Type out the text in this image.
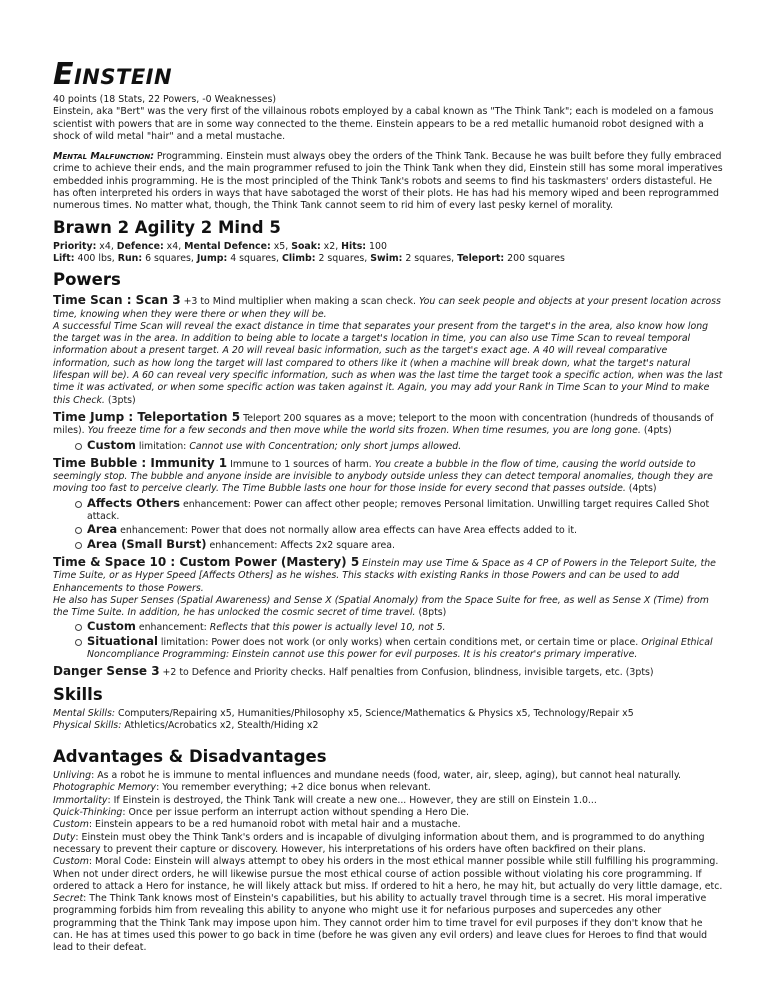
Einstein

40 points (18 Stats, 22 Powers, -0 Weaknesses)

Einstein, aka "Bert" was the very first of the villainous robots employed by a cabal known as "The Think Tank"; each is modeled on a famous scientist with powers that are in some way connected to the theme. Einstein appears to be a red metallic humanoid robot designed with a shock of wild metal "hair" and a metal mustache.

Mental Malfunction: Programming. Einstein must always obey the orders of the Think Tank. Because he was built before they fully embraced crime to achieve their ends, and the main programmer refused to join the Think Tank when they did, Einstein still has some moral imperatives embedded inhis programming. He is the most principled of the Think Tank's robots and seems to find his taskmasters' orders distasteful. He has often interpreted his orders in ways that have sabotaged the worst of their plots. He has had his memory wiped and been reprogrammed numerous times. No matter what, though, the Think Tank cannot seem to rid him of every last pesky kernel of morality.

Brawn 2 Agility 2 Mind 5

Priority: x4, Defence: x4, Mental Defence: x5, Soak: x2, Hits: 100

Lift: 400 lbs, Run: 6 squares, Jump: 4 squares, Climb: 2 squares, Swim: 2 squares, Teleport: 200 squares

Powers

Time Scan : Scan 3 +3 to Mind multiplier when making a scan check. You can seek people and objects at your present location across time, knowing when they were there or when they will be.

A successful Time Scan will reveal the exact distance in time that separates your present from the target's in the area, also know how long the target was in the area. In addition to being able to locate a target's location in time, you can also use Time Scan to reveal temporal information about a present target. A 20 will reveal basic information, such as the target's exact age. A 40 will reveal comparative information, such as how long the target will last compared to others like it (when a machine will break down, what the target's natural lifespan will be). A 60 can reveal very specific information, such as when was the last time the target took a specific action, when was the last time it was activated, or when some specific action was taken against it. Again, you may add your Rank in Time Scan to your Mind to make this Check. (3pts)

Time Jump : Teleportation 5 Teleport 200 squares as a move; teleport to the moon with concentration (hundreds of thousands of miles). You freeze time for a few seconds and then move while the world sits frozen. When time resumes, you are long gone. (4pts)

Custom limitation: Cannot use with Concentration; only short jumps allowed.

Time Bubble : Immunity 1 Immune to 1 sources of harm. You create a bubble in the flow of time, causing the world outside to seemingly stop. The bubble and anyone inside are invisible to anybody outside unless they can detect temporal anomalies, though they are moving too fast to perceive clearly. The Time Bubble lasts one hour for those inside for every second that passes outside. (4pts)

Affects Others enhancement: Power can affect other people; removes Personal limitation. Unwilling target requires Called Shot attack.
Area enhancement: Power that does not normally allow area effects can have Area effects added to it.
Area (Small Burst) enhancement: Affects 2x2 square area.

Time & Space 10 : Custom Power (Mastery) 5 Einstein may use Time & Space as 4 CP of Powers in the Teleport Suite, the Time Suite, or as Hyper Speed [Affects Others] as he wishes. This stacks with existing Ranks in those Powers and can be used to add Enhancements to those Powers.

He also has Super Senses (Spatial Awareness) and Sense X (Spatial Anomaly) from the Space Suite for free, as well as Sense X (Time) from the Time Suite. In addition, he has unlocked the cosmic secret of time travel. (8pts)

Custom enhancement: Reflects that this power is actually level 10, not 5.
Situational limitation: Power does not work (or only works) when certain conditions met, or certain time or place. Original Ethical Noncompliance Programming: Einstein cannot use this power for evil purposes. It is his creator's primary imperative.

Danger Sense 3 +2 to Defence and Priority checks. Half penalties from Confusion, blindness, invisible targets, etc. (3pts)

Skills

Mental Skills: Computers/Repairing x5, Humanities/Philosophy x5, Science/Mathematics & Physics x5, Technology/Repair x5

Physical Skills: Athletics/Acrobatics x2, Stealth/Hiding x2

Advantages & Disadvantages

Unliving: As a robot he is immune to mental influences and mundane needs (food, water, air, sleep, aging), but cannot heal naturally.

Photographic Memory: You remember everything; +2 dice bonus when relevant.

Immortality: If Einstein is destroyed, the Think Tank will create a new one... However, they are still on Einstein 1.0...

Quick-Thinking: Once per issue perform an interrupt action without spending a Hero Die.

Custom: Einstein appears to be a red humanoid robot with metal hair and a mustache.

Duty: Einstein must obey the Think Tank's orders and is incapable of divulging information about them, and is programmed to do anything necessary to prevent their capture or discovery. However, his interpretations of his orders have often backfired on their plans.

Custom: Moral Code: Einstein will always attempt to obey his orders in the most ethical manner possible while still fulfilling his programming. When not under direct orders, he will likewise pursue the most ethical course of action possible without violating his core programming. If ordered to attack a Hero for instance, he will likely attack but miss. If ordered to hit a hero, he may hit, but actually do very little damage, etc.

Secret: The Think Tank knows most of Einstein's capabilities, but his ability to actually travel through time is a secret. His moral imperative programming forbids him from revealing this ability to anyone who might use it for nefarious purposes and supercedes any other programming that the Think Tank may impose upon him. They cannot order him to time travel for evil purposes if they don't know that he can. He has at times used this power to go back in time (before he was given any evil orders) and leave clues for Heroes to find that would lead to their defeat.
